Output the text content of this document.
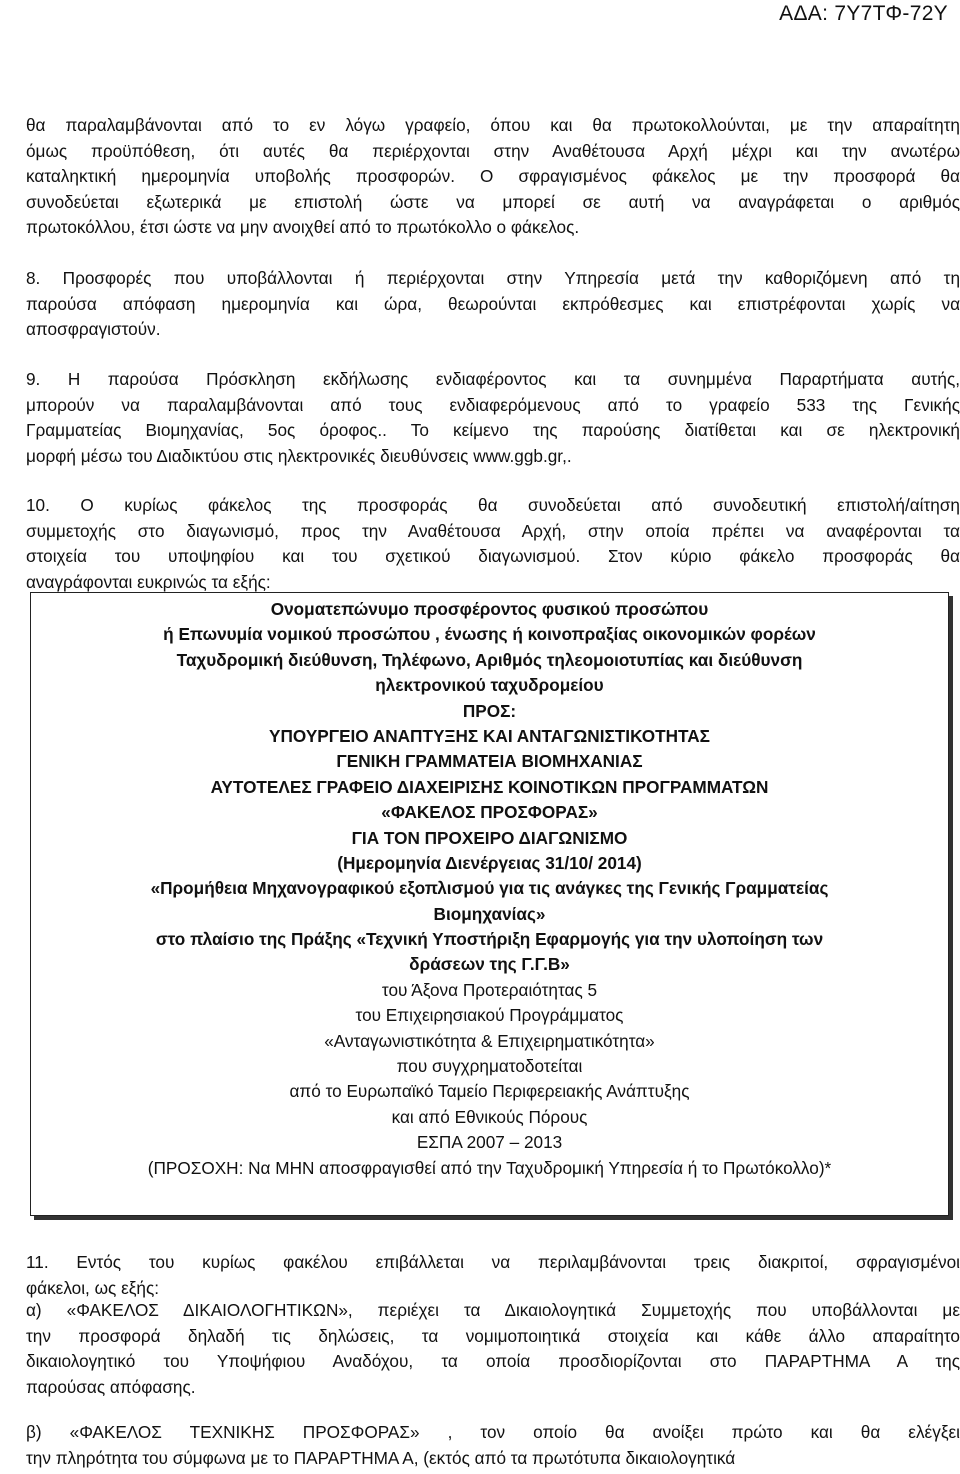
ΑΔΑ: 7Υ7ΤΦ-72Υ
θα παραλαμβάνονται από το εν λόγω γραφείο, όπου και θα πρωτοκολλούνται, με την απαραίτητη
όμως προϋπόθεση, ότι αυτές θα περιέρχονται στην Αναθέτουσα Αρχή μέχρι και την ανωτέρω
καταληκτική ημερομηνία υποβολής προσφορών. Ο σφραγισμένος φάκελος με την προσφορά θα
συνοδεύεται εξωτερικά με επιστολή ώστε να μπορεί σε αυτή να αναγράφεται ο αριθμός
πρωτοκόλλου, έτσι ώστε να μην ανοιχθεί από το πρωτόκολλο ο φάκελος.
8. Προσφορές που υποβάλλονται ή περιέρχονται στην Υπηρεσία μετά την καθοριζόμενη από τη
παρούσα απόφαση ημερομηνία και ώρα, θεωρούνται εκπρόθεσμες και επιστρέφονται χωρίς να
αποσφραγιστούν.
9. Η παρούσα Πρόσκληση εκδήλωσης ενδιαφέροντος και τα συνημμένα Παραρτήματα αυτής,
μπορούν να παραλαμβάνονται από τους ενδιαφερόμενους από το γραφείο 533 της Γενικής
Γραμματείας Βιομηχανίας, 5ος όροφος.. Το κείμενο της παρούσης διατίθεται και σε ηλεκτρονική
μορφή μέσω του Διαδικτύου στις ηλεκτρονικές διευθύνσεις www.ggb.gr,.
10. Ο κυρίως φάκελος της προσφοράς θα συνοδεύεται από συνοδευτική επιστολή/αίτηση
συμμετοχής στο διαγωνισμό, προς την Αναθέτουσα Αρχή, στην οποία πρέπει να αναφέρονται τα
στοιχεία του υποψηφίου και του σχετικού διαγωνισμού. Στον κύριο φάκελο προσφοράς θα
αναγράφονται ευκρινώς τα εξής:
Ονοματεπώνυμο προσφέροντος φυσικού προσώπου
ή Επωνυμία νομικού προσώπου , ένωσης ή κοινοπραξίας οικονομικών φορέων
Ταχυδρομική διεύθυνση, Τηλέφωνο, Αριθμός τηλεομοιοτυπίας και διεύθυνση
ηλεκτρονικού ταχυδρομείου
ΠΡΟΣ:
ΥΠΟΥΡΓΕΙΟ ΑΝΑΠΤΥΞΗΣ ΚΑΙ ΑΝΤΑΓΩΝΙΣΤΙΚΟΤΗΤΑΣ
ΓΕΝΙΚΗ ΓΡΑΜΜΑΤΕΙΑ ΒΙΟΜΗΧΑΝΙΑΣ
ΑΥΤΟΤΕΛΕΣ ΓΡΑΦΕΙΟ ΔΙΑΧΕΙΡΙΣΗΣ ΚΟΙΝΟΤΙΚΩΝ ΠΡΟΓΡΑΜΜΑΤΩΝ
«ΦΑΚΕΛΟΣ ΠΡΟΣΦΟΡΑΣ»
ΓΙΑ ΤΟΝ ΠΡΟΧΕΙΡΟ ΔΙΑΓΩΝΙΣΜΟ
(Ημερομηνία Διενέργειας 31/10/ 2014)
«Προμήθεια Μηχανογραφικού εξοπλισμού για τις ανάγκες της Γενικής Γραμματείας
Βιομηχανίας»
στο πλαίσιο της Πράξης «Τεχνική Υποστήριξη Εφαρμογής για την υλοποίηση των
δράσεων της Γ.Γ.Β»
του Άξονα Προτεραιότητας 5
του Επιχειρησιακού Προγράμματος
«Ανταγωνιστικότητα & Επιχειρηματικότητα»
που συγχρηματοδοτείται
από το Ευρωπαϊκό Ταμείο Περιφερειακής Ανάπτυξης
και από Εθνικούς Πόρους
ΕΣΠΑ 2007 – 2013
(ΠΡΟΣΟΧΗ: Να ΜΗΝ αποσφραγισθεί από την Ταχυδρομική Υπηρεσία ή το Πρωτόκολλο)*
11. Εντός του κυρίως φακέλου επιβάλλεται να περιλαμβάνονται τρεις διακριτοί, σφραγισμένοι
φάκελοι, ως εξής:
α) «ΦΑΚΕΛΟΣ ΔΙΚΑΙΟΛΟΓΗΤΙΚΩΝ», περιέχει τα Δικαιολογητικά Συμμετοχής που υποβάλλονται με
την προσφορά δηλαδή τις δηλώσεις, τα νομιμοποιητικά στοιχεία και κάθε άλλο απαραίτητο
δικαιολογητικό του Υποψήφιου Αναδόχου, τα οποία προσδιορίζονται στο ΠΑΡΑΡΤΗΜΑ Α της
παρούσας απόφασης.
β) «ΦΑΚΕΛΟΣ ΤΕΧΝΙΚΗΣ ΠΡΟΣΦΟΡΑΣ» , τον οποίο θα ανοίξει πρώτο και θα ελέγξει
την πληρότητα του σύμφωνα με το ΠΑΡΑΡΤΗΜΑ Α, (εκτός από τα πρωτότυπα δικαιολογητικά
